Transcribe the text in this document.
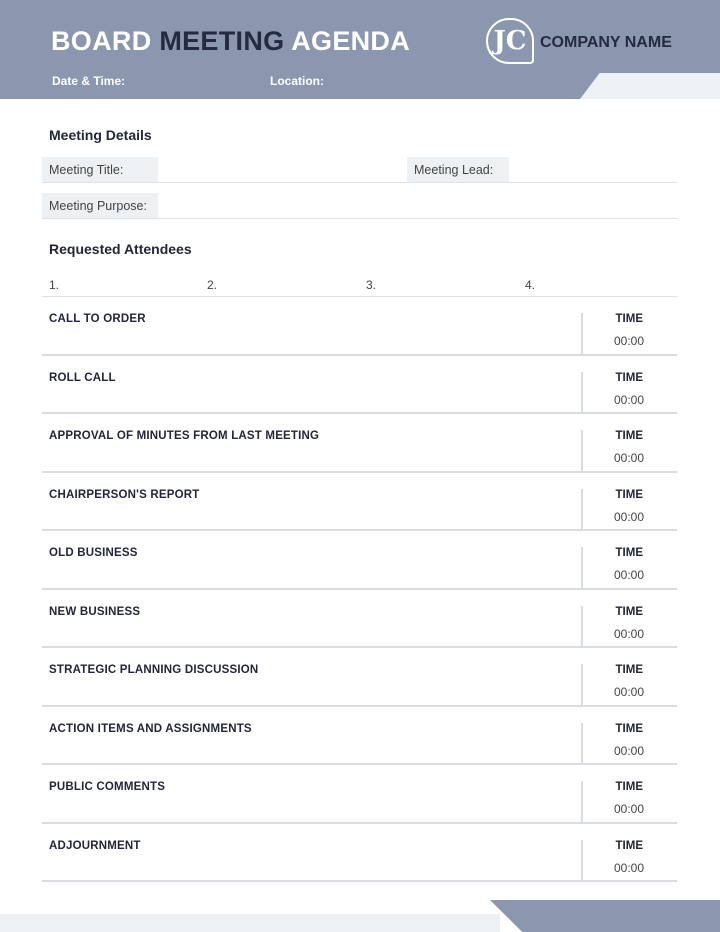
BOARD MEETING AGENDA
Date & Time:	Location:
JC COMPANY NAME
Meeting Details
Meeting Title:	Meeting Lead:
Meeting Purpose:
Requested Attendees
1.	2.	3.	4.
CALL TO ORDER	TIME
00:00
ROLL CALL	TIME
00:00
APPROVAL OF MINUTES FROM LAST MEETING	TIME
00:00
CHAIRPERSON'S REPORT	TIME
00:00
OLD BUSINESS	TIME
00:00
NEW BUSINESS	TIME
00:00
STRATEGIC PLANNING DISCUSSION	TIME
00:00
ACTION ITEMS AND ASSIGNMENTS	TIME
00:00
PUBLIC COMMENTS	TIME
00:00
ADJOURNMENT	TIME
00:00
